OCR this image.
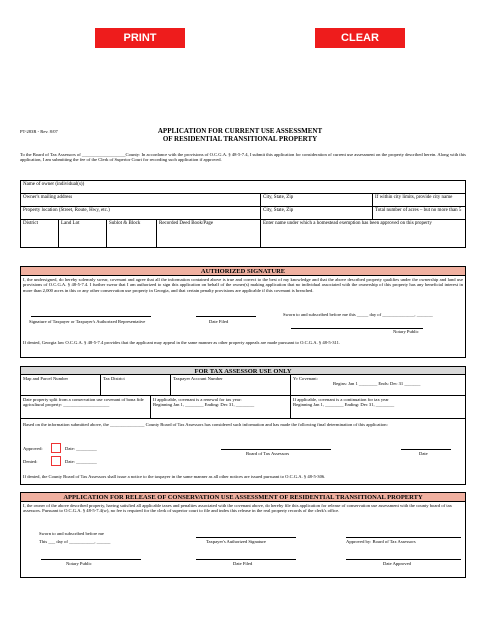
PRINT	CLEAR
PT-283R - Rev. 8/07	APPLICATION FOR CURRENT USE ASSESSMENT
OF RESIDENTIAL TRANSITIONAL PROPERTY
To the Board of Tax Assessors of ___________________County: In accordance with the provisions of O.C.G.A. § 48-5-7.4, I submit this application for consideration of current use assessment on the property described herein. Along with this application, I am submitting the fee of the Clerk of Superior Court for recording such application if approved.
Name of owner (individual(s))
Owner's mailing address	City, State, Zip	If within city limits, provide city name
Property location (Street, Route, Hwy, etc.)	City, State, Zip	Total number of acres – but no more than 5
District	Land Lot	Sublot & Block	Recorded Deed Book/Page	Enter name under which a homestead exemption has been approved on this property
AUTHORIZED SIGNATURE
I, the undersigned, do hereby solemnly swear, covenant and agree that all the information contained above is true and correct to the best of my knowledge and that the above described property qualifies under the ownership and land use provisions of O.C.G.A. § 48-5-7.4. I further swear that I am authorized to sign this application on behalf of the owner(s) making application that no individual associated with the ownership of this property has any beneficial interest in more than 2,000 acres in this or any other conservation use property in Georgia, and that certain penalty provisions are applicable if this covenant is breached.
Signature of Taxpayer or Taxpayer's Authorized Representative	Date Filed
Sworn to and subscribed before me this _____ day of ______________, _______
Notary Public
If denied, Georgia law O.C.G.A. § 48-5-7.4 provides that the applicant may appeal in the same manner as other property appeals are made pursuant to O.C.G.A. § 48-5-311.
FOR TAX ASSESSOR USE ONLY
Map and Parcel Number	Tax District	Taxpayer Account Number	Yr Covenant:
Begins: Jan 1 ________ Ends: Dec 31 _______
Date property split from a conservation use covenant of bona fide agricultural property: ____________________
If applicable, covenant is a renewal for tax year:
Beginning Jan 1, ________ Ending: Dec 31, ________
If applicable, covenant is a continuation for tax year
Beginning Jan 1, ________ Ending: Dec 31, ________
Based on the information submitted above, the _______________ County Board of Tax Assessors has considered such information and has made the following final determination of this application:
Approved:	Date: _________
Denied:	Date: _________
Board of Tax Assessors	Date
If denied, the County Board of Tax Assessors shall issue a notice to the taxpayer in the same manner as all other notices are issued pursuant to O.C.G.A. § 48-5-306.
APPLICATION FOR RELEASE OF CONSERVATION USE ASSESSMENT OF RESIDENTIAL TRANSITIONAL PROPERTY
I, the owner of the above described property, having satisfied all applicable taxes and penalties associated with the covenant above, do hereby file this application for release of conservation use assessment with the county board of tax assessors. Pursuant to O.C.G.A. § 48-5-7.4(w), no fee is required for the clerk of superior court to file and index this release in the real property records of the clerk's office.
Sworn to and subscribed before me
This ___ day of ___________, ______	Taxpayer's Authorized Signature	Approved by: Board of Tax Assessors
Notary Public	Date Filed	Date Approved
